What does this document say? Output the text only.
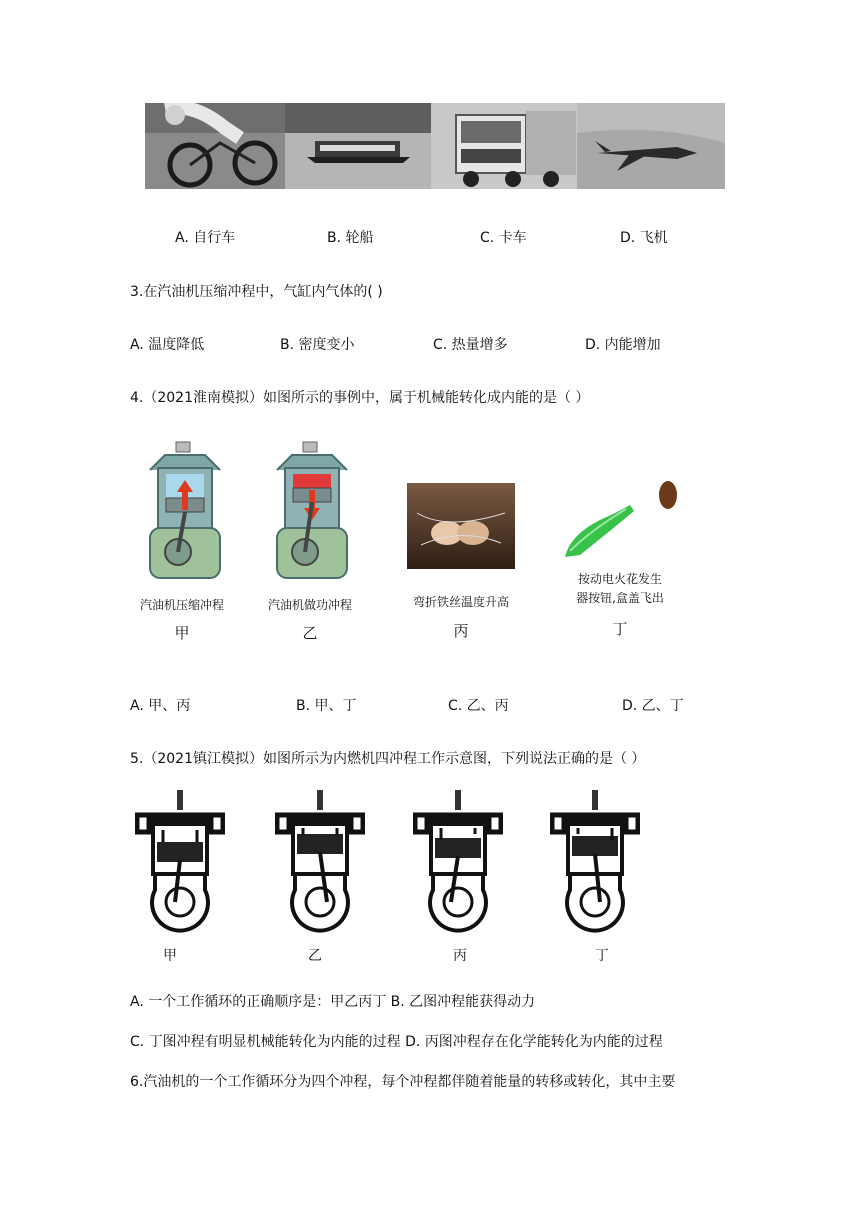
A. 自行车	B. 轮船	C. 卡车	D. 飞机
3.在汽油机压缩冲程中，气缸内气体的( )
A. 温度降低	B. 密度变小	C. 热量增多	D. 内能增加
4.（2021淮南模拟）如图所示的事例中，属于机械能转化成内能的是（ ）
汽油机压缩冲程
甲
汽油机做功冲程
乙
弯折铁丝温度升高
丙
按动电火花发生
器按钮,盒盖飞出
丁
A. 甲、丙	B. 甲、丁	C. 乙、丙	D. 乙、丁
5.（2021镇江模拟）如图所示为内燃机四冲程工作示意图，下列说法正确的是（ ）
甲	乙	丙	丁
A. 一个工作循环的正确顺序是：甲乙丙丁 B. 乙图冲程能获得动力
C. 丁图冲程有明显机械能转化为内能的过程 D. 丙图冲程存在化学能转化为内能的过程
6.汽油机的一个工作循环分为四个冲程，每个冲程都伴随着能量的转移或转化，其中主要
